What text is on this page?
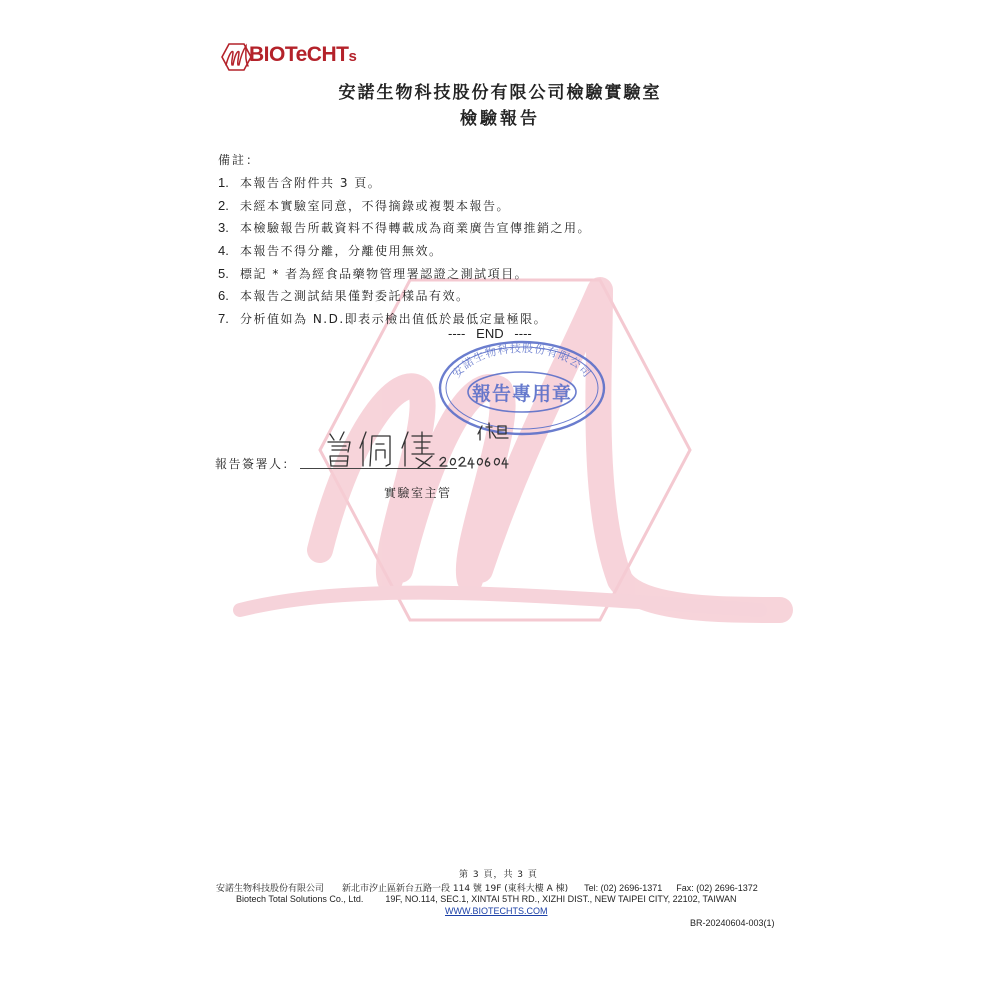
BIOTeCHTs
安諾生物科技股份有限公司檢驗實驗室
檢驗報告
備註：
1. 本報告含附件共 3 頁。
2. 未經本實驗室同意，不得摘錄或複製本報告。
3. 本檢驗報告所載資料不得轉載成為商業廣告宣傳推銷之用。
4. 本報告不得分離，分離使用無效。
5. 標記 * 者為經食品藥物管理署認證之測試項目。
6. 本報告之測試結果僅對委託樣品有效。
7. 分析值如為 N.D.即表示檢出值低於最低定量極限。
----   END   ----
安諾生物科技股份有限公司
報告專用章
報告簽署人：
實驗室主管
第 3 頁，共 3 頁
安諾生物科技股份有限公司 新北市汐止區新台五路一段 114 號 19F (東科大樓 A 棟) Tel: (02) 2696-1371 Fax: (02) 2696-1372
Biotech Total Solutions Co., Ltd. 19F, NO.114, SEC.1, XINTAI 5TH RD., XIZHI DIST., NEW TAIPEI CITY, 22102, TAIWAN
WWW.BIOTECHTS.COM
BR-20240604-003(1)
